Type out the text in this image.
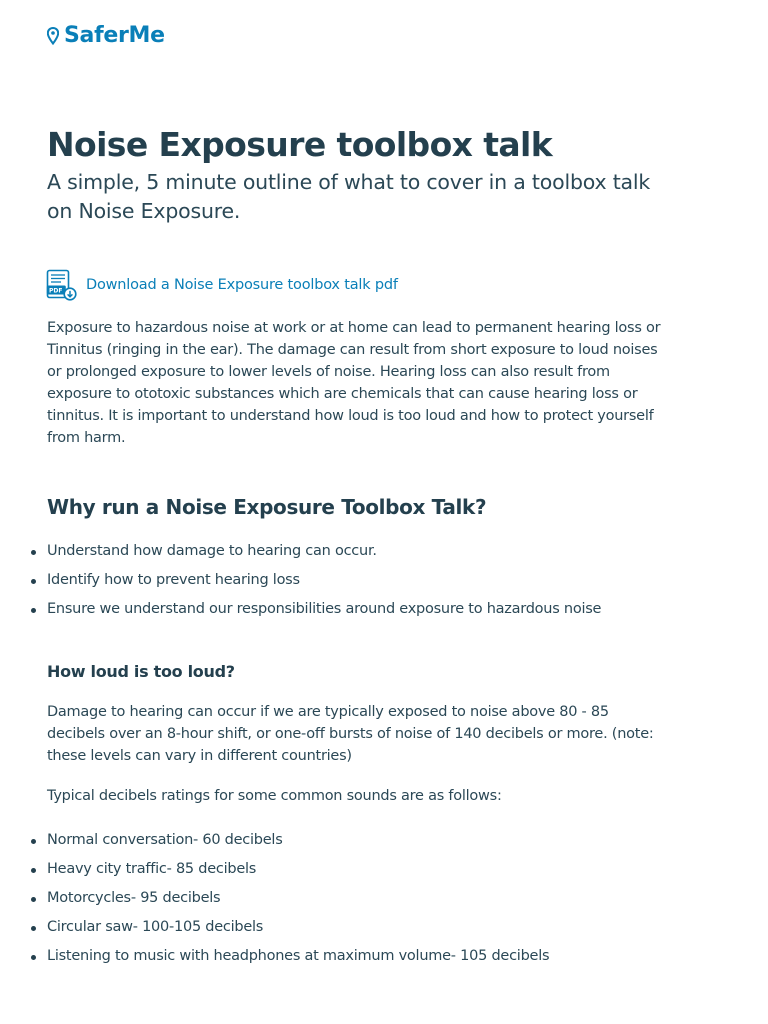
SaferMe
Noise Exposure toolbox talk

A simple, 5 minute outline of what to cover in a toolbox talk on Noise Exposure.

PDF Download a Noise Exposure toolbox talk pdf

Exposure to hazardous noise at work or at home can lead to permanent hearing loss or Tinnitus (ringing in the ear). The damage can result from short exposure to loud noises or prolonged exposure to lower levels of noise. Hearing loss can also result from exposure to ototoxic substances which are chemicals that can cause hearing loss or tinnitus. It is important to understand how loud is too loud and how to protect yourself from harm.

Why run a Noise Exposure Toolbox Talk?
Understand how damage to hearing can occur.
Identify how to prevent hearing loss
Ensure we understand our responsibilities around exposure to hazardous noise
How loud is too loud?

Damage to hearing can occur if we are typically exposed to noise above 80 - 85 decibels over an 8-hour shift, or one-off bursts of noise of 140 decibels or more. (note: these levels can vary in different countries)

Typical decibels ratings for some common sounds are as follows:

Normal conversation- 60 decibels
Heavy city traffic- 85 decibels
Motorcycles- 95 decibels
Circular saw- 100-105 decibels
Listening to music with headphones at maximum volume- 105 decibels
